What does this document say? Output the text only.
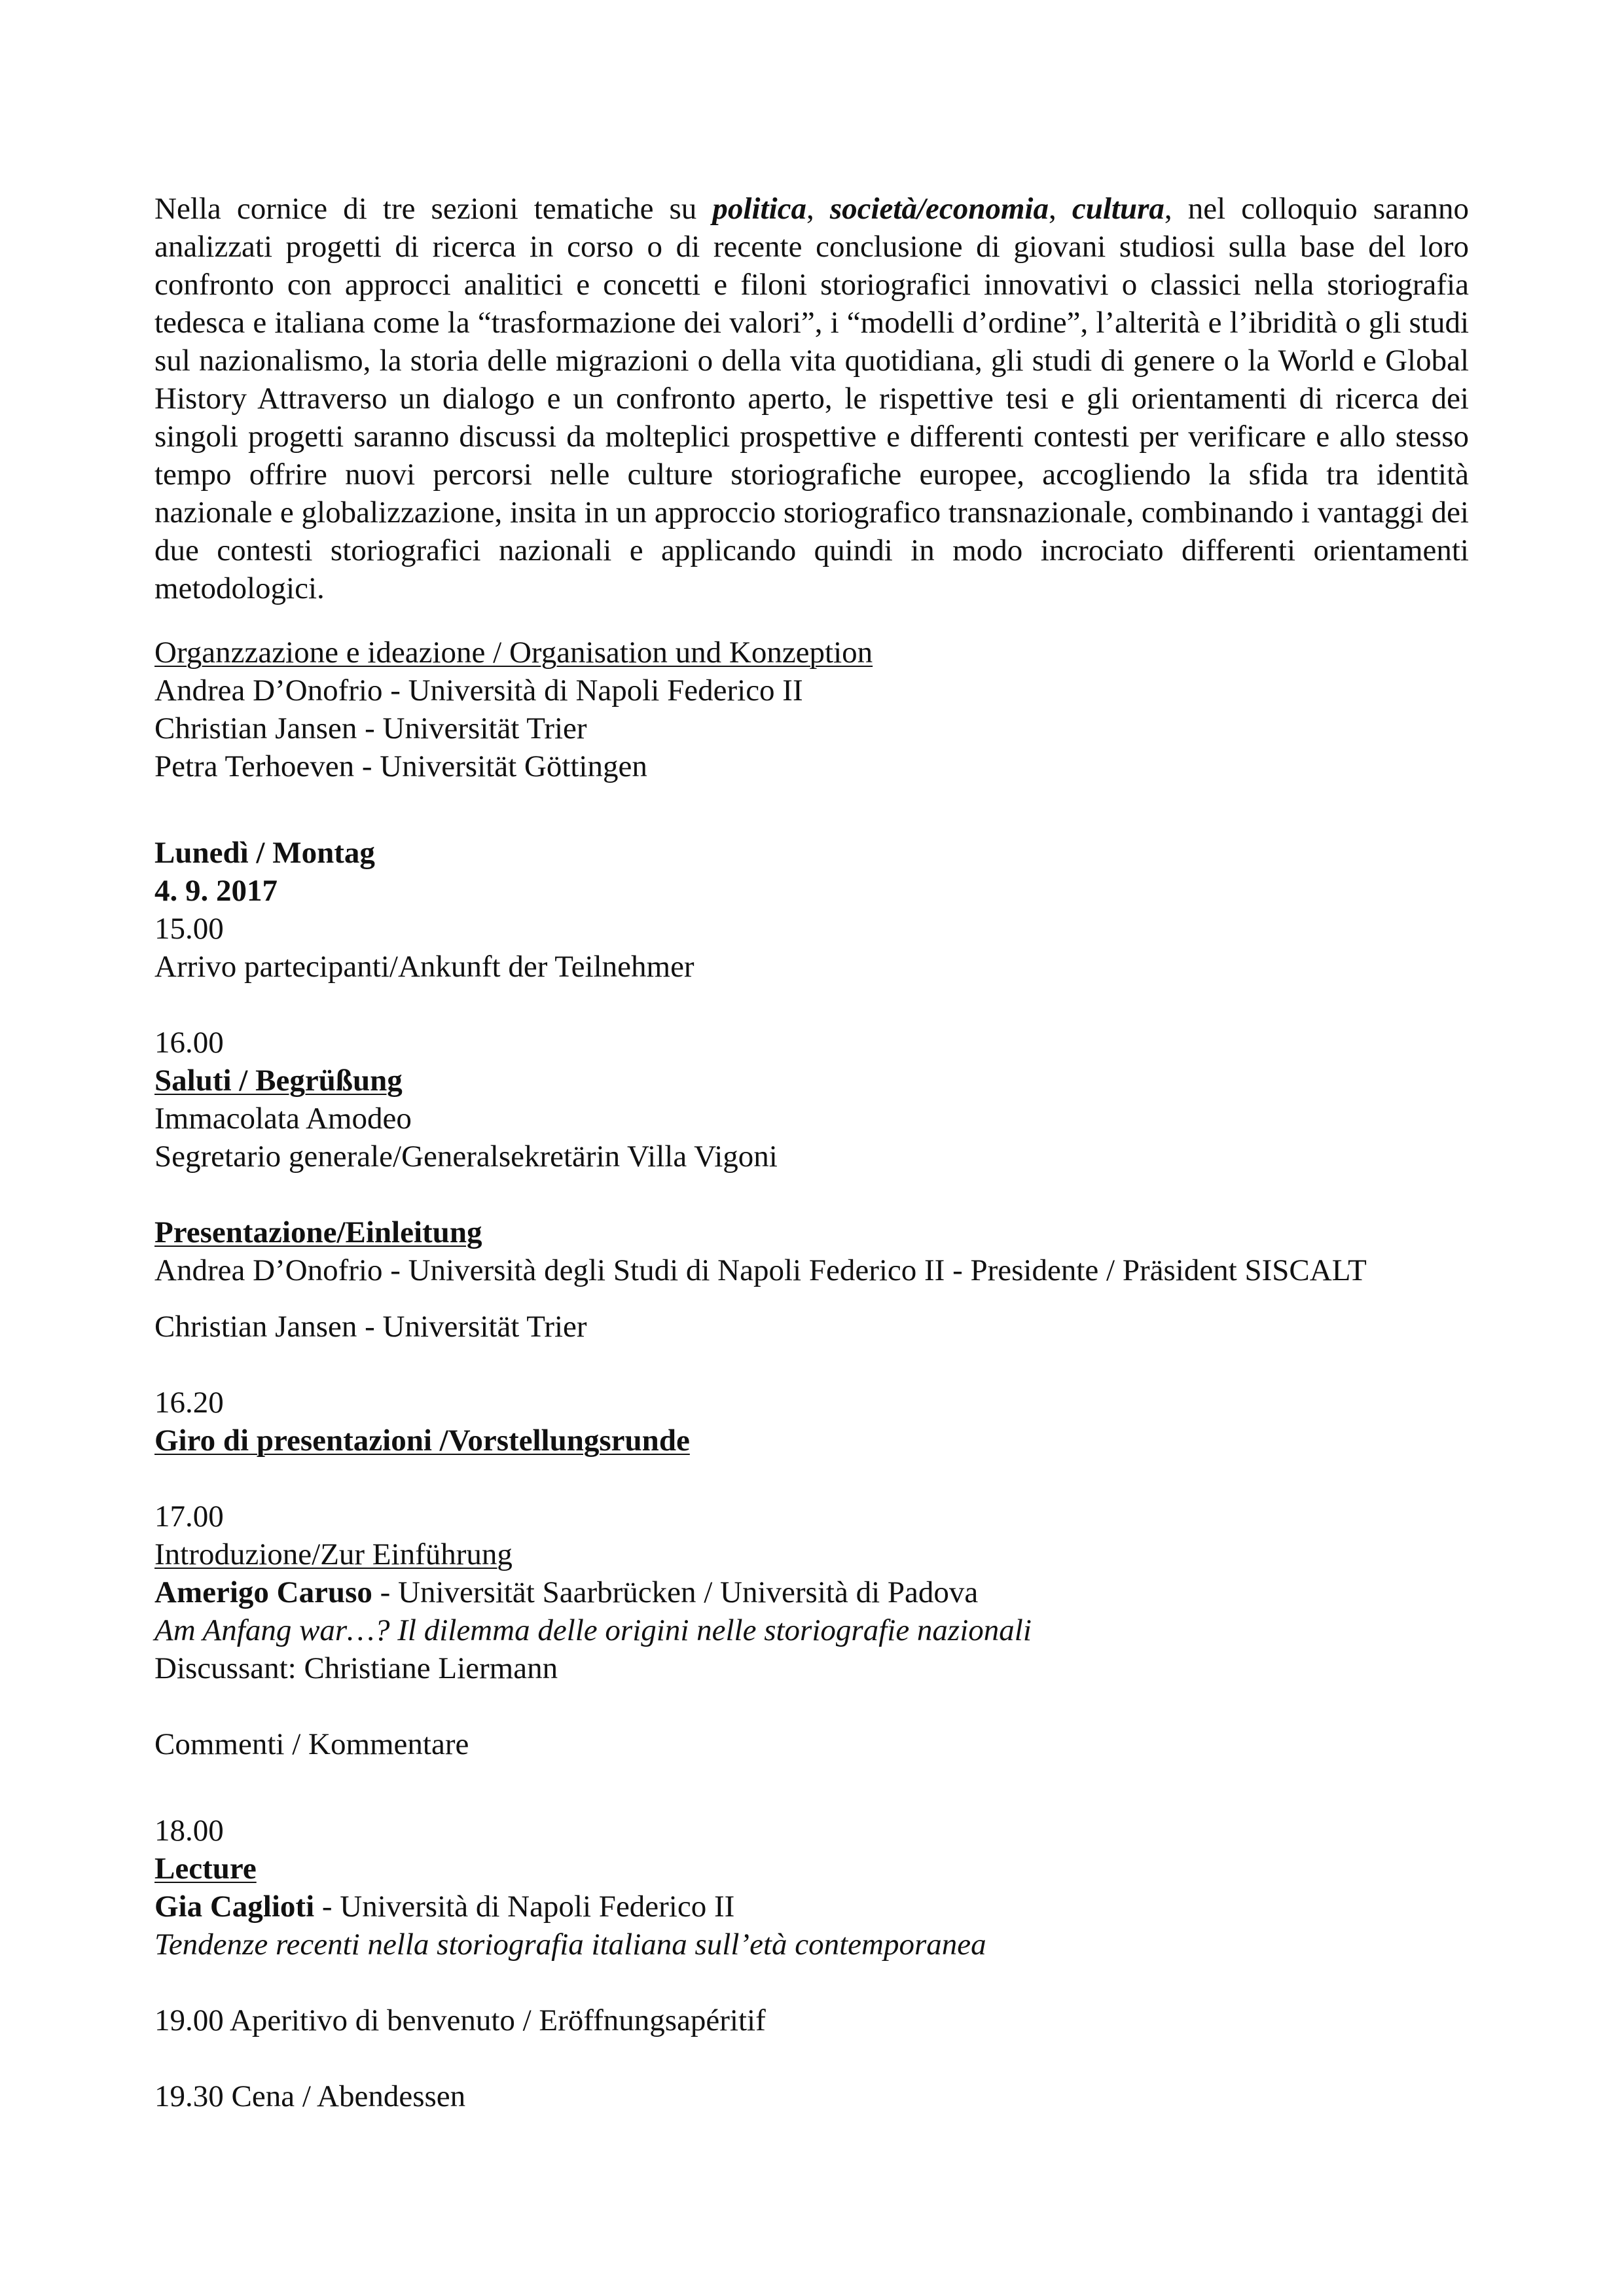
Nella cornice di tre sezioni tematiche su politica, società/economia, cultura, nel colloquio saranno analizzati progetti di ricerca in corso o di recente conclusione di giovani studiosi sulla base del loro confronto con approcci analitici e concetti e filoni storiografici innovativi o classici nella storiografia tedesca e italiana come la “trasformazione dei valori”, i “modelli d’ordine”, l’alterità e l’ibridità o gli studi sul nazionalismo, la storia delle migrazioni o della vita quotidiana, gli studi di genere o la World e Global History Attraverso un dialogo e un confronto aperto, le rispettive tesi e gli orientamenti di ricerca dei singoli progetti saranno discussi da molteplici prospettive e differenti contesti per verificare e allo stesso tempo offrire nuovi percorsi nelle culture storiografiche europee, accogliendo la sfida tra identità nazionale e globalizzazione, insita in un approccio storiografico transnazionale, combinando i vantaggi dei due contesti storiografici nazionali e applicando quindi in modo incrociato differenti orientamenti metodologici.

Organzzazione e ideazione / Organisation und Konzeption
Andrea D’Onofrio - Università di Napoli Federico II
Christian Jansen - Universität Trier
Petra Terhoeven - Universität Göttingen
Lunedì / Montag
4. 9. 2017
15.00
Arrivo partecipanti/Ankunft der Teilnehmer
16.00
Saluti / Begrüßung
Immacolata Amodeo
Segretario generale/Generalsekretärin Villa Vigoni
Presentazione/Einleitung
Andrea D’Onofrio - Università degli Studi di Napoli Federico II - Presidente / Präsident SISCALT
Christian Jansen - Universität Trier
16.20
Giro di presentazioni /Vorstellungsrunde
17.00
Introduzione/Zur Einführung
Amerigo Caruso - Universität Saarbrücken / Università di Padova
Am Anfang war…? Il dilemma delle origini nelle storiografie nazionali
Discussant: Christiane Liermann
Commenti / Kommentare
18.00
Lecture
Gia Caglioti - Università di Napoli Federico II
Tendenze recenti nella storiografia italiana sull’età contemporanea
19.00 Aperitivo di benvenuto / Eröffnungsapéritif
19.30 Cena / Abendessen
